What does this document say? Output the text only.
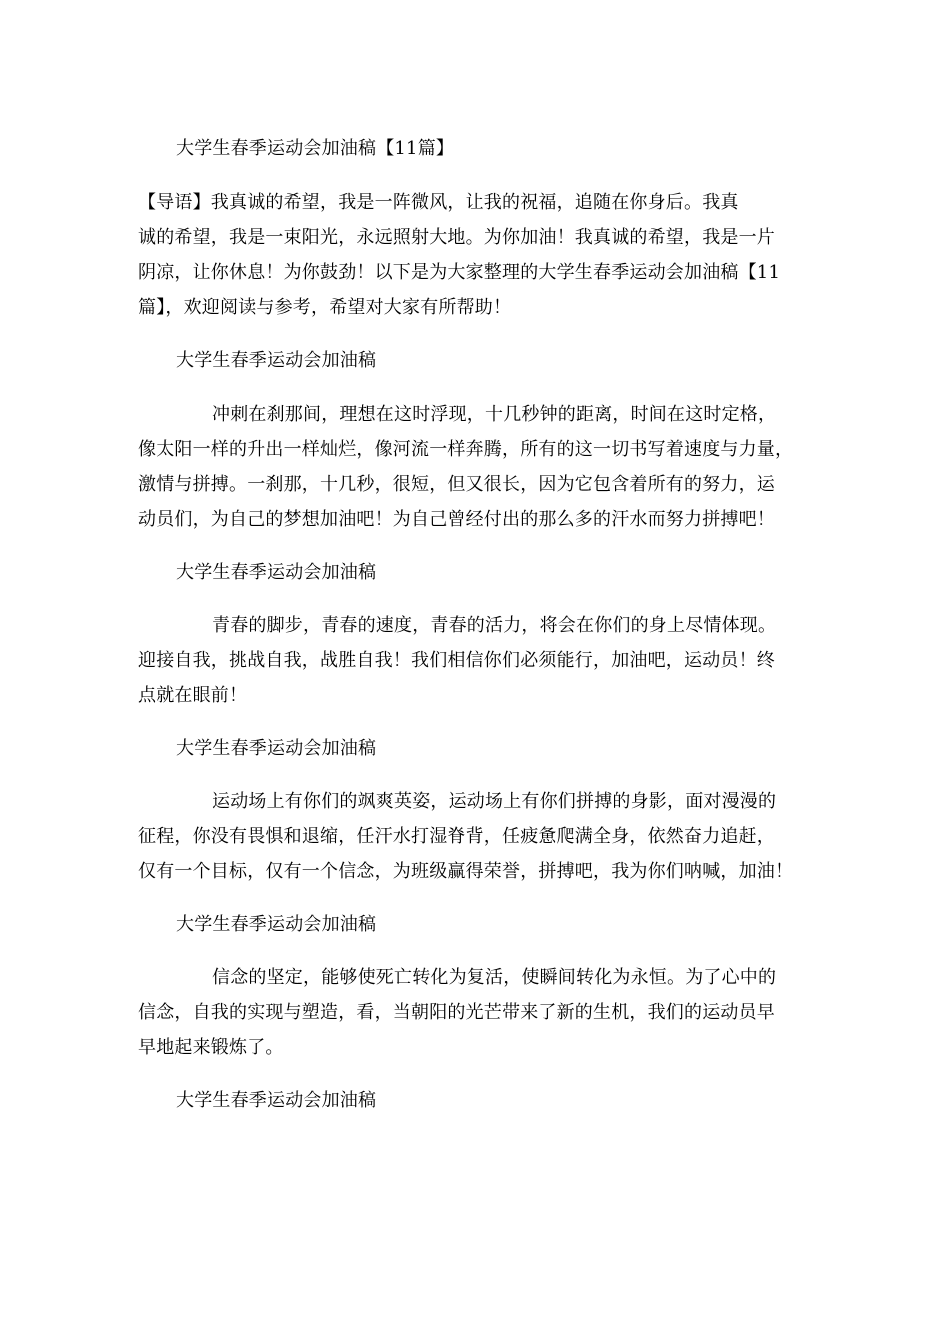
大学生春季运动会加油稿【11篇】
【导语】我真诚的希望，我是一阵微风，让我的祝福，追随在你身后。我真
诚的希望，我是一束阳光，永远照射大地。为你加油！我真诚的希望，我是一片
阴凉，让你休息！为你鼓劲！以下是为大家整理的大学生春季运动会加油稿【11
篇】，欢迎阅读与参考，希望对大家有所帮助！
大学生春季运动会加油稿
冲刺在刹那间，理想在这时浮现，十几秒钟的距离，时间在这时定格，
像太阳一样的升出一样灿烂，像河流一样奔腾，所有的这一切书写着速度与力量，
激情与拼搏。一刹那，十几秒，很短，但又很长，因为它包含着所有的努力，运
动员们，为自己的梦想加油吧！为自己曾经付出的那么多的汗水而努力拼搏吧！
大学生春季运动会加油稿
青春的脚步，青春的速度，青春的活力，将会在你们的身上尽情体现。
迎接自我，挑战自我，战胜自我！我们相信你们必须能行，加油吧，运动员！终
点就在眼前！
大学生春季运动会加油稿
运动场上有你们的飒爽英姿，运动场上有你们拼搏的身影，面对漫漫的
征程，你没有畏惧和退缩，任汗水打湿脊背，任疲惫爬满全身，依然奋力追赶，
仅有一个目标，仅有一个信念，为班级赢得荣誉，拼搏吧，我为你们呐喊，加油！
大学生春季运动会加油稿
信念的坚定，能够使死亡转化为复活，使瞬间转化为永恒。为了心中的
信念，自我的实现与塑造，看，当朝阳的光芒带来了新的生机，我们的运动员早
早地起来锻炼了。
大学生春季运动会加油稿
